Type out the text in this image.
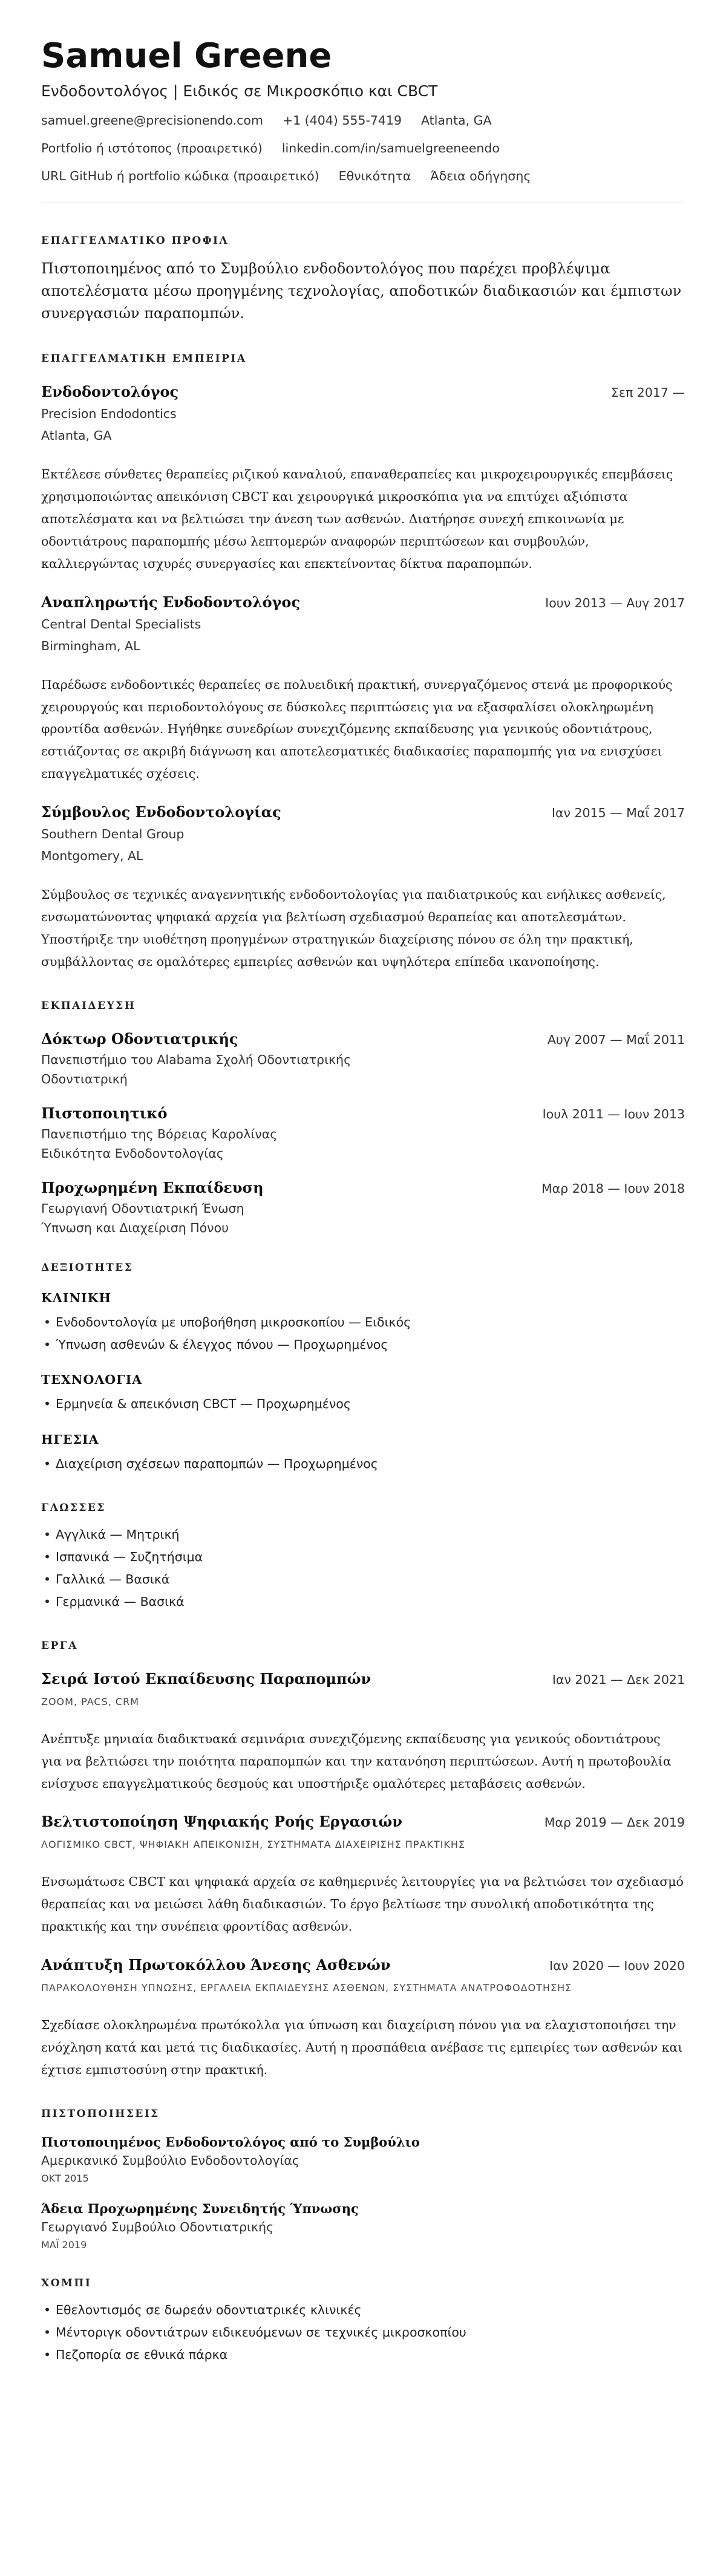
Samuel Greene
Ενδοδοντολόγος | Ειδικός σε Μικροσκόπιο και CBCT
samuel.greene@precisionendo.com +1 (404) 555-7419 Atlanta, GA
Portfolio ή ιστότοπος (προαιρετικό) linkedin.com/in/samuelgreeneendo
URL GitHub ή portfolio κώδικα (προαιρετικό) Εθνικότητα Άδεια οδήγησης
ΕΠΑΓΓΕΛΜΑΤΙΚΟ ΠΡΟΦΙΛ
Πιστοποιημένος από το Συμβούλιο ενδοδοντολόγος που παρέχει προβλέψιμα αποτελέσματα μέσω προηγμένης τεχνολογίας, αποδοτικών διαδικασιών και έμπιστων συνεργασιών παραπομπών.
ΕΠΑΓΓΕΛΜΑΤΙΚΗ ΕΜΠΕΙΡΙΑ
Ενδοδοντολόγος	Σεπ 2017 —
Precision Endodontics
Atlanta, GA
Εκτέλεσε σύνθετες θεραπείες ριζικού καναλιού, επαναθεραπείες και μικροχειρουργικές επεμβάσεις χρησιμοποιώντας απεικόνιση CBCT και χειρουργικά μικροσκόπια για να επιτύχει αξιόπιστα αποτελέσματα και να βελτιώσει την άνεση των ασθενών. Διατήρησε συνεχή επικοινωνία με οδοντιάτρους παραπομπής μέσω λεπτομερών αναφορών περιπτώσεων και συμβουλών, καλλιεργώντας ισχυρές συνεργασίες και επεκτείνοντας δίκτυα παραπομπών.
Αναπληρωτής Ενδοδοντολόγος	Ιουν 2013 — Αυγ 2017
Central Dental Specialists
Birmingham, AL
Παρέδωσε ενδοδοντικές θεραπείες σε πολυειδική πρακτική, συνεργαζόμενος στενά με προφορικούς χειρουργούς και περιοδοντολόγους σε δύσκολες περιπτώσεις για να εξασφαλίσει ολοκληρωμένη φροντίδα ασθενών. Ηγήθηκε συνεδρίων συνεχιζόμενης εκπαίδευσης για γενικούς οδοντιάτρους, εστιάζοντας σε ακριβή διάγνωση και αποτελεσματικές διαδικασίες παραπομπής για να ενισχύσει επαγγελματικές σχέσεις.
Σύμβουλος Ενδοδοντολογίας	Ιαν 2015 — Μαΐ 2017
Southern Dental Group
Montgomery, AL
Σύμβουλος σε τεχνικές αναγεννητικής ενδοδοντολογίας για παιδιατρικούς και ενήλικες ασθενείς, ενσωματώνοντας ψηφιακά αρχεία για βελτίωση σχεδιασμού θεραπείας και αποτελεσμάτων. Υποστήριξε την υιοθέτηση προηγμένων στρατηγικών διαχείρισης πόνου σε όλη την πρακτική, συμβάλλοντας σε ομαλότερες εμπειρίες ασθενών και υψηλότερα επίπεδα ικανοποίησης.
ΕΚΠΑΙΔΕΥΣΗ
Δόκτωρ Οδοντιατρικής	Αυγ 2007 — Μαΐ 2011
Πανεπιστήμιο του Alabama Σχολή Οδοντιατρικής
Οδοντιατρική
Πιστοποιητικό	Ιουλ 2011 — Ιουν 2013
Πανεπιστήμιο της Βόρειας Καρολίνας
Ειδικότητα Ενδοδοντολογίας
Προχωρημένη Εκπαίδευση	Μαρ 2018 — Ιουν 2018
Γεωργιανή Οδοντιατρική Ένωση
Ύπνωση και Διαχείριση Πόνου
ΔΕΞΙΟΤΗΤΕΣ
ΚΛΙΝΙΚΗ
• Ενδοδοντολογία με υποβοήθηση μικροσκοπίου — Ειδικός
• Ύπνωση ασθενών & έλεγχος πόνου — Προχωρημένος
ΤΕΧΝΟΛΟΓΙΑ
• Ερμηνεία & απεικόνιση CBCT — Προχωρημένος
ΗΓΕΣΙΑ
• Διαχείριση σχέσεων παραπομπών — Προχωρημένος
ΓΛΩΣΣΕΣ
• Αγγλικά — Μητρική
• Ισπανικά — Συζητήσιμα
• Γαλλικά — Βασικά
• Γερμανικά — Βασικά
ΕΡΓΑ
Σειρά Ιστού Εκπαίδευσης Παραπομπών	Ιαν 2021 — Δεκ 2021
ZOOM, PACS, CRM
Ανέπτυξε μηνιαία διαδικτυακά σεμινάρια συνεχιζόμενης εκπαίδευσης για γενικούς οδοντιάτρους για να βελτιώσει την ποιότητα παραπομπών και την κατανόηση περιπτώσεων. Αυτή η πρωτοβουλία ενίσχυσε επαγγελματικούς δεσμούς και υποστήριξε ομαλότερες μεταβάσεις ασθενών.
Βελτιστοποίηση Ψηφιακής Ροής Εργασιών	Μαρ 2019 — Δεκ 2019
ΛΟΓΙΣΜΙΚΟ CBCT, ΨΗΦΙΑΚΗ ΑΠΕΙΚΟΝΙΣΗ, ΣΥΣΤΗΜΑΤΑ ΔΙΑΧΕΙΡΙΣΗΣ ΠΡΑΚΤΙΚΗΣ
Ενσωμάτωσε CBCT και ψηφιακά αρχεία σε καθημερινές λειτουργίες για να βελτιώσει τον σχεδιασμό θεραπείας και να μειώσει λάθη διαδικασιών. Το έργο βελτίωσε την συνολική αποδοτικότητα της πρακτικής και την συνέπεια φροντίδας ασθενών.
Ανάπτυξη Πρωτοκόλλου Άνεσης Ασθενών	Ιαν 2020 — Ιουν 2020
ΠΑΡΑΚΟΛΟΥΘΗΣΗ ΥΠΝΩΣΗΣ, ΕΡΓΑΛΕΙΑ ΕΚΠΑΙΔΕΥΣΗΣ ΑΣΘΕΝΩΝ, ΣΥΣΤΗΜΑΤΑ ΑΝΑΤΡΟΦΟΔΟΤΗΣΗΣ
Σχεδίασε ολοκληρωμένα πρωτόκολλα για ύπνωση και διαχείριση πόνου για να ελαχιστοποιήσει την ενόχληση κατά και μετά τις διαδικασίες. Αυτή η προσπάθεια ανέβασε τις εμπειρίες των ασθενών και έχτισε εμπιστοσύνη στην πρακτική.
ΠΙΣΤΟΠΟΙΗΣΕΙΣ
Πιστοποιημένος Ενδοδοντολόγος από το Συμβούλιο
Αμερικανικό Συμβούλιο Ενδοδοντολογίας
ΟΚΤ 2015
Άδεια Προχωρημένης Συνειδητής Ύπνωσης
Γεωργιανό Συμβούλιο Οδοντιατρικής
ΜΑΪ 2019
ΧΟΜΠΙ
• Εθελοντισμός σε δωρεάν οδοντιατρικές κλινικές
• Μέντοριγκ οδοντιάτρων ειδικευόμενων σε τεχνικές μικροσκοπίου
• Πεζοπορία σε εθνικά πάρκα
